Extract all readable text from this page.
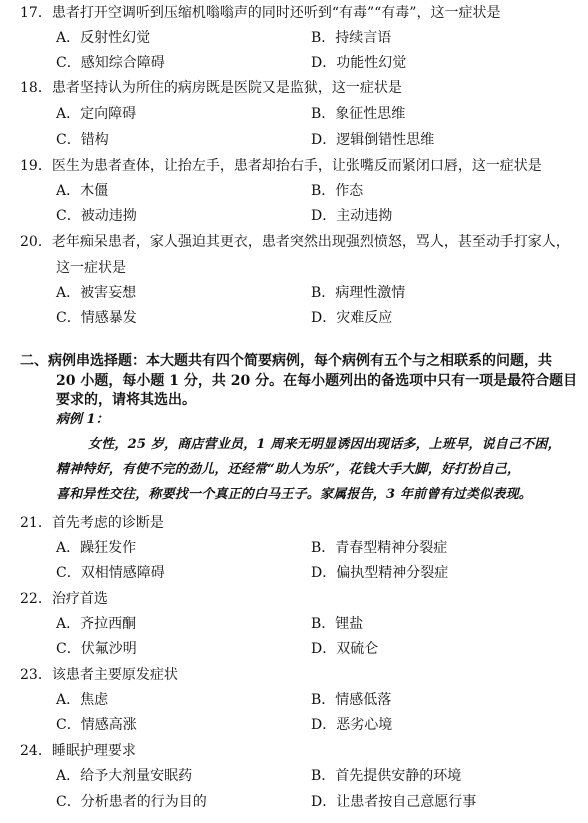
17．患者打开空调听到压缩机嗡嗡声的同时还听到“有毒”“有毒”，这一症状是
A．反射性幻觉	B．持续言语
C．感知综合障碍	D．功能性幻觉
18．患者坚持认为所住的病房既是医院又是监狱，这一症状是
A．定向障碍	B．象征性思维
C．错构	D．逻辑倒错性思维
19．医生为患者查体，让抬左手，患者却抬右手，让张嘴反而紧闭口唇，这一症状是
A．木僵	B．作态
C．被动违拗	D．主动违拗
20．老年痴呆患者，家人强迫其更衣，患者突然出现强烈愤怒，骂人，甚至动手打家人，
这一症状是
A．被害妄想	B．病理性激情
C．情感暴发	D．灾难反应
二、病例串选择题：本大题共有四个简要病例，每个病例有五个与之相联系的问题，共
20 小题，每小题 1 分，共 20 分。在每小题列出的备选项中只有一项是最符合题目
要求的，请将其选出。
病例 1：
女性，25 岁，商店营业员，1 周来无明显诱因出现话多，上班早，说自己不困，
精神特好，有使不完的劲儿，还经常“助人为乐”，花钱大手大脚，好打扮自己，
喜和异性交往，称要找一个真正的白马王子。家属报告，3 年前曾有过类似表现。
21．首先考虑的诊断是
A．躁狂发作	B．青春型精神分裂症
C．双相情感障碍	D．偏执型精神分裂症
22．治疗首选
A．齐拉西酮	B．锂盐
C．伏氟沙明	D．双硫仑
23．该患者主要原发症状
A．焦虑	B．情感低落
C．情感高涨	D．恶劣心境
24．睡眠护理要求
A．给予大剂量安眠药	B．首先提供安静的环境
C．分析患者的行为目的	D．让患者按自己意愿行事
